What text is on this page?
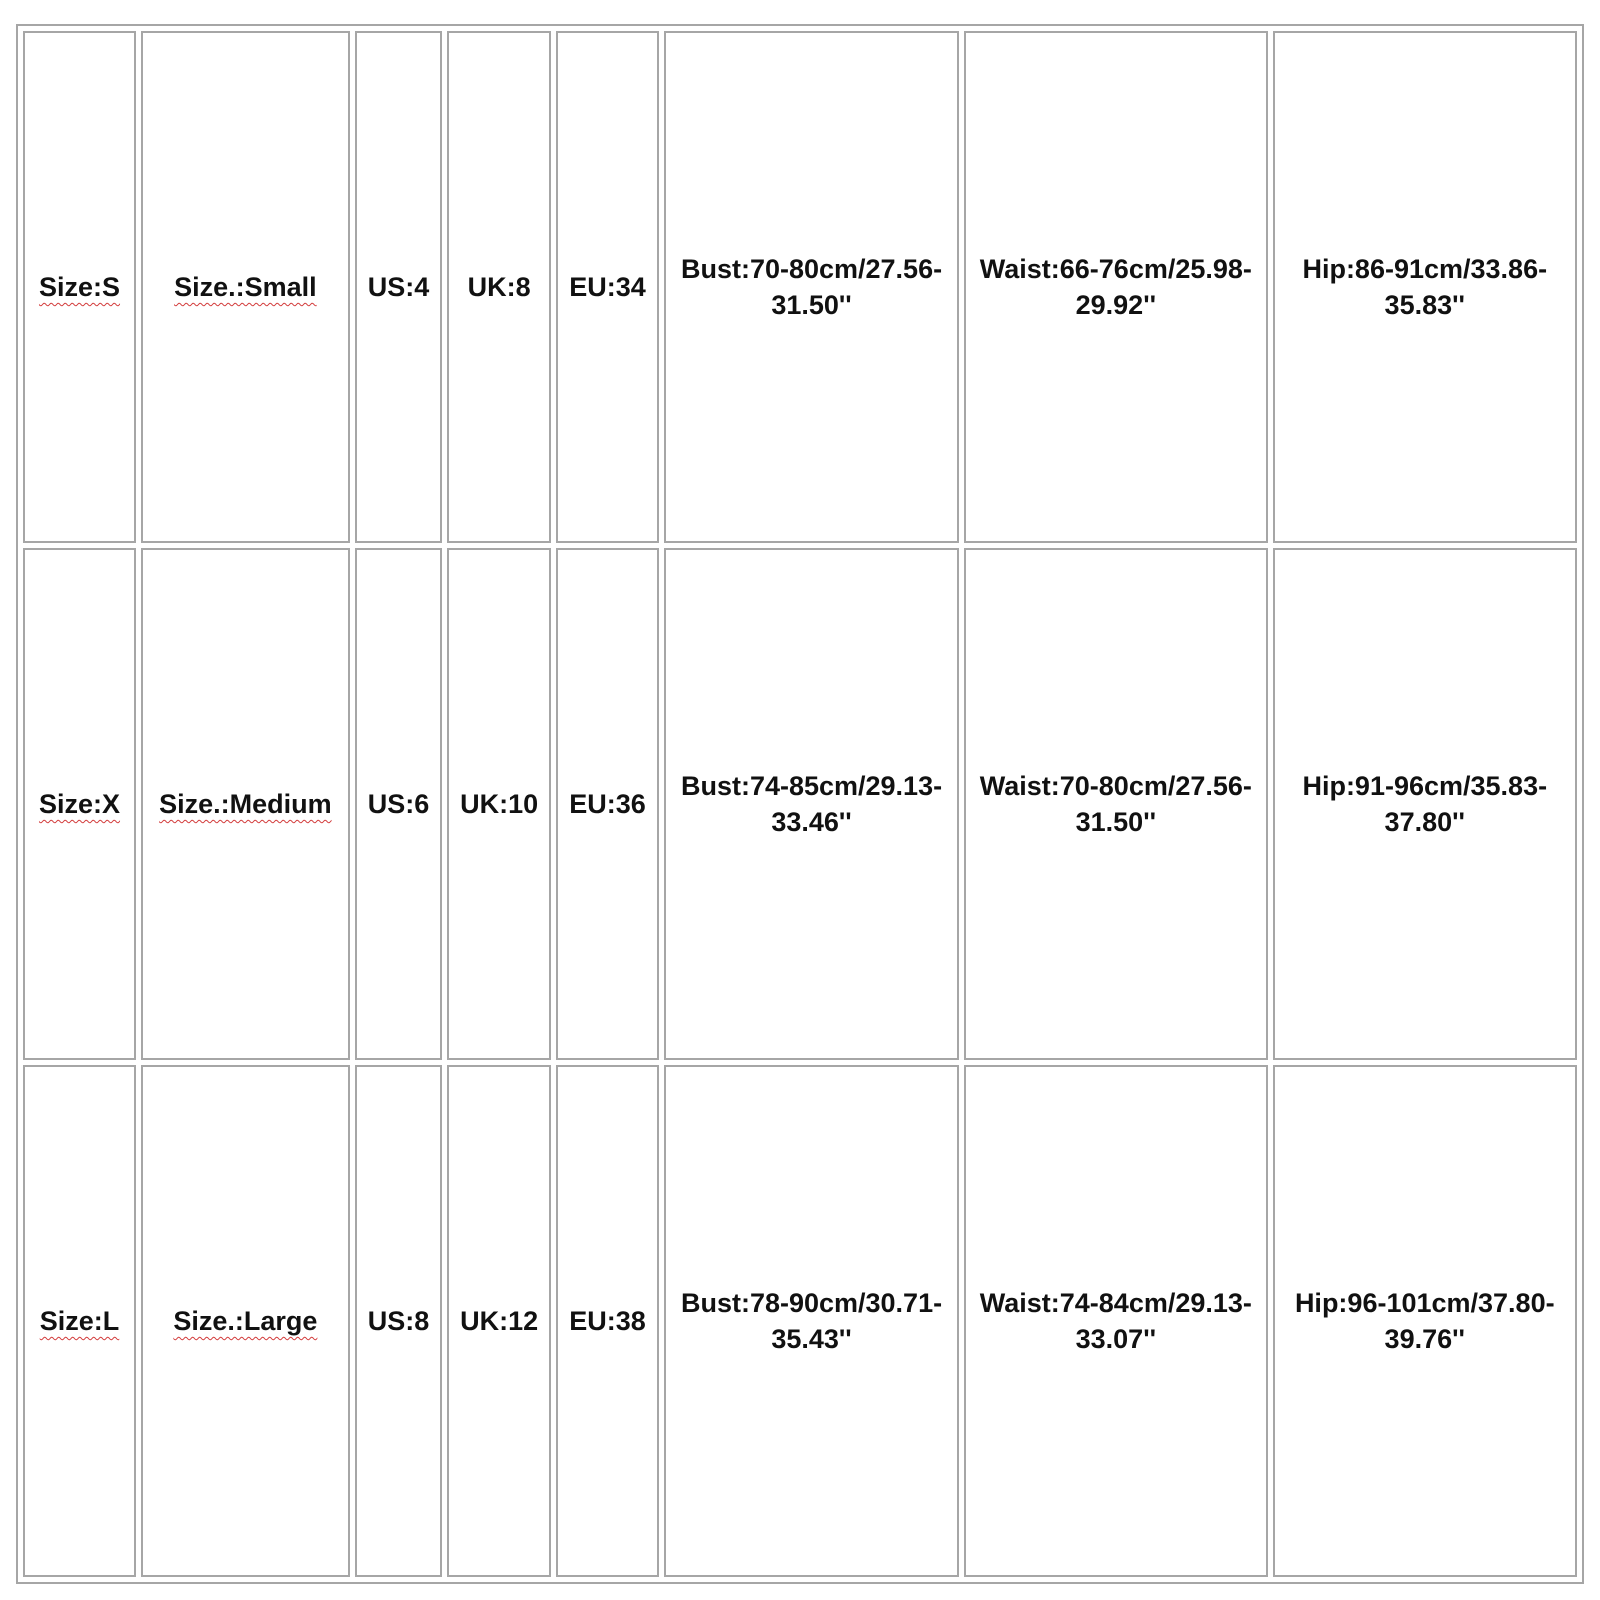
Size:S	Size.:Small	US:4	UK:8	EU:34	Bust:70-80cm/27.56-31.50''	Waist:66-76cm/25.98-29.92''	Hip:86-91cm/33.86-35.83''
Size:X	Size.:Medium	US:6	UK:10	EU:36	Bust:74-85cm/29.13-33.46''	Waist:70-80cm/27.56-31.50''	Hip:91-96cm/35.83-37.80''
Size:L	Size.:Large	US:8	UK:12	EU:38	Bust:78-90cm/30.71-35.43''	Waist:74-84cm/29.13-33.07''	Hip:96-101cm/37.80-39.76''
